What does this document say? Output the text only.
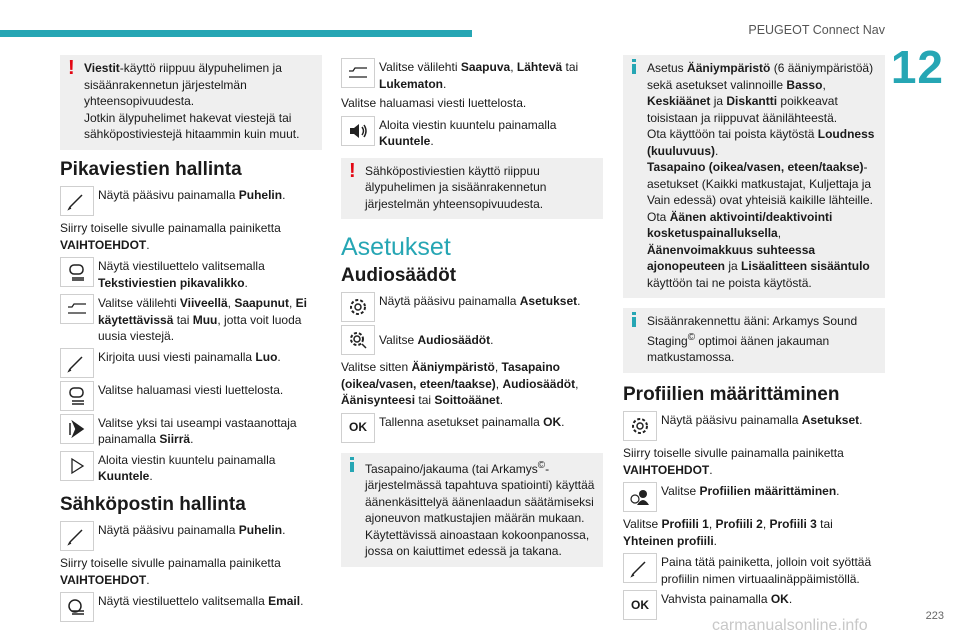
PEUGEOT Connect Nav
12
! Viestit-käyttö riippuu älypuhelimen ja sisäänrakennetun järjestelmän yhteensopivuudesta.

Jotkin älypuhelimet hakevat viestejä tai sähköpostiviestejä hitaammin kuin muut.

Pikaviestien hallinta

Näytä pääsivu painamalla Puhelin.

Siirry toiselle sivulle painamalla painiketta VAIHTOEHDOT.

Näytä viestiluettelo valitsemalla Tekstiviestien pikavalikko.

Valitse välilehti Viiveellä, Saapunut, Ei käytettävissä tai Muu, jotta voit luoda uusia viestejä.

Kirjoita uusi viesti painamalla Luo.

Valitse haluamasi viesti luettelosta.

Valitse yksi tai useampi vastaanottaja painamalla Siirrä.

Aloita viestin kuuntelu painamalla Kuuntele.

Sähköpostin hallinta

Näytä pääsivu painamalla Puhelin.

Siirry toiselle sivulle painamalla painiketta VAIHTOEHDOT.

Näytä viestiluettelo valitsemalla Email.

Valitse välilehti Saapuva, Lähtevä tai Lukematon.

Valitse haluamasi viesti luettelosta.

Aloita viestin kuuntelu painamalla Kuuntele.

! Sähköpostiviestien käyttö riippuu älypuhelimen ja sisäänrakennetun järjestelmän yhteensopivuudesta.

Asetukset
Audiosäädöt

Näytä pääsivu painamalla Asetukset.

Valitse Audiosäädöt.

Valitse sitten Ääniympäristö, Tasapaino (oikea/vasen, eteen/taakse), Audiosäädöt, Äänisynteesi tai Soittoäänet.

OK	Tallenna asetukset painamalla OK.

Tasapaino/jakauma (tai Arkamys©-järjestelmässä tapahtuva spatiointi) käyttää äänenkäsittelyä äänenlaadun säätämiseksi ajoneuvon matkustajien määrän mukaan.

Käytettävissä ainoastaan kokoonpanossa, jossa on kaiuttimet edessä ja takana.

Asetus Ääniympäristö (6 ääniympäristöä) sekä asetukset valinnoille Basso, Keskiäänet ja Diskantti poikkeavat toisistaan ja riippuvat äänilähteestä.

Ota käyttöön tai poista käytöstä Loudness (kuuluvuus).

Tasapaino (oikea/vasen, eteen/taakse)-asetukset (Kaikki matkustajat, Kuljettaja ja Vain edessä) ovat yhteisiä kaikille lähteille.

Ota Äänen aktivointi/deaktivointi kosketuspainalluksella, Äänenvoimakkuus suhteessa ajonopeuteen ja Lisäalitteen sisääntulo käyttöön tai ne poista käytöstä.

Sisäänrakennettu ääni: Arkamys Sound Staging© optimoi äänen jakauman matkustamossa.

Profiilien määrittäminen

Näytä pääsivu painamalla Asetukset.

Siirry toiselle sivulle painamalla painiketta VAIHTOEHDOT.

Valitse Profiilien määrittäminen.

Valitse Profiili 1, Profiili 2, Profiili 3 tai Yhteinen profiili.

Paina tätä painiketta, jolloin voit syöttää profiilin nimen virtuaalinäppäimistöllä.

OK	Vahvista painamalla OK.

carmanualsonline.info
223
